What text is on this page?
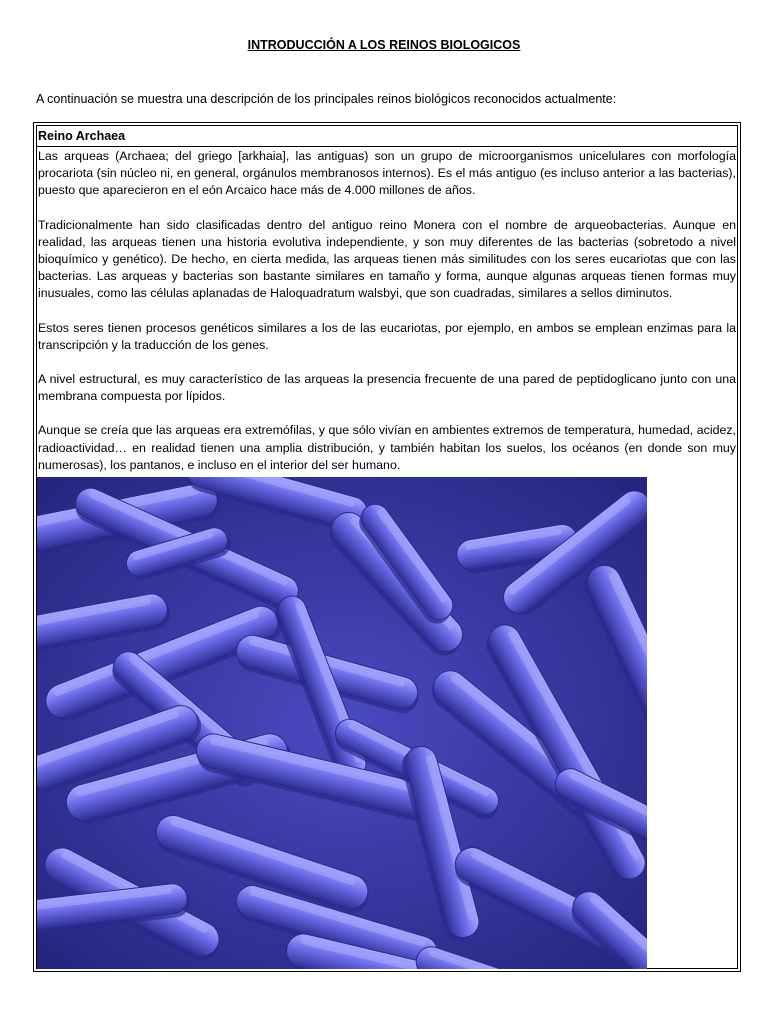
INTRODUCCIÓN A LOS REINOS BIOLOGICOS
A continuación se muestra una descripción de los principales reinos biológicos reconocidos actualmente:
Reino Archaea

Las arqueas (Archaea; del griego [arkhaia], las antiguas) son un grupo de microorganismos unicelulares con morfología procariota (sin núcleo ni, en general, orgánulos membranosos internos). Es el más antiguo (es incluso anterior a las bacterias), puesto que aparecieron en el eón Arcaico hace más de 4.000 millones de años.

Tradicionalmente han sido clasificadas dentro del antiguo reino Monera con el nombre de arqueobacterias. Aunque en realidad, las arqueas tienen una historia evolutiva independiente, y son muy diferentes de las bacterias (sobretodo a nivel bioquímico y genético). De hecho, en cierta medida, las arqueas tienen más similitudes con los seres eucariotas que con las bacterias. Las arqueas y bacterias son bastante similares en tamaño y forma, aunque algunas arqueas tienen formas muy inusuales, como las células aplanadas de Haloquadratum walsbyi, que son cuadradas, similares a sellos diminutos.

Estos seres tienen procesos genéticos similares a los de las eucariotas, por ejemplo, en ambos se emplean enzimas para la transcripción y la traducción de los genes.

A nivel estructural, es muy característico de las arqueas la presencia frecuente de una pared de peptidoglicano junto con una membrana compuesta por lípidos.

Aunque se creía que las arqueas era extremófilas, y que sólo vivían en ambientes extremos de temperatura, humedad, acidez, radioactividad… en realidad tienen una amplia distribución, y también habitan los suelos, los océanos (en donde son muy numerosas), los pantanos, e incluso en el interior del ser humano.
